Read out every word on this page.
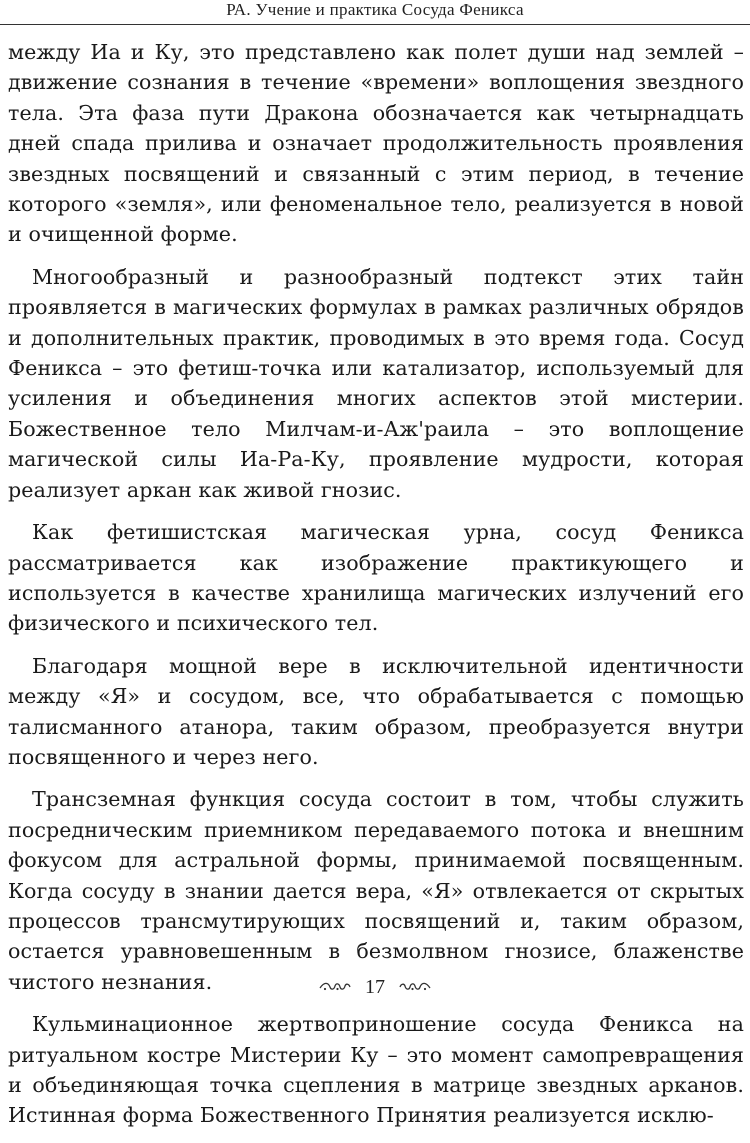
РА. Учение и практика Сосуда Феникса

между Иа и Ку, это представлено как полет души над землей – движение сознания в течение «времени» воплощения звездного тела. Эта фаза пути Дракона обозначается как четырнадцать дней спада прилива и означает продолжительность проявления звездных посвящений и связанный с этим период, в течение которого «земля», или феноменальное тело, реализуется в новой и очищенной форме.

Многообразный и разнообразный подтекст этих тайн проявляется в магических формулах в рамках различных обрядов и дополнительных практик, проводимых в это время года. Сосуд Феникса – это фетиш-точка или катализатор, используемый для усиления и объединения многих аспектов этой мистерии. Божественное тело Милчам-и-Аж'раила – это воплощение магической силы Иа-Ра-Ку, проявление мудрости, которая реализует аркан как живой гнозис.

Как фетишистская магическая урна, сосуд Феникса рассматривается как изображение практикующего и используется в качестве хранилища магических излучений его физического и психического тел.

Благодаря мощной вере в исключительной идентичности между «Я» и сосудом, все, что обрабатывается с помощью талисманного атанора, таким образом, преобразуется внутри посвященного и через него.

Трансземная функция сосуда состоит в том, чтобы служить посредническим приемником передаваемого потока и внешним фокусом для астральной формы, принимаемой посвященным. Когда сосуду в знании дается вера, «Я» отвлекается от скрытых процессов трансмутирующих посвящений и, таким образом, остается уравновешенным в безмолвном гнозисе, блаженстве чистого незнания.

Кульминационное жертвоприношение сосуда Феникса на ритуальном костре Мистерии Ку – это момент самопревращения и объединяющая точка сцепления в матрице звездных арканов. Истинная форма Божественного Принятия реализуется исклю-

17
